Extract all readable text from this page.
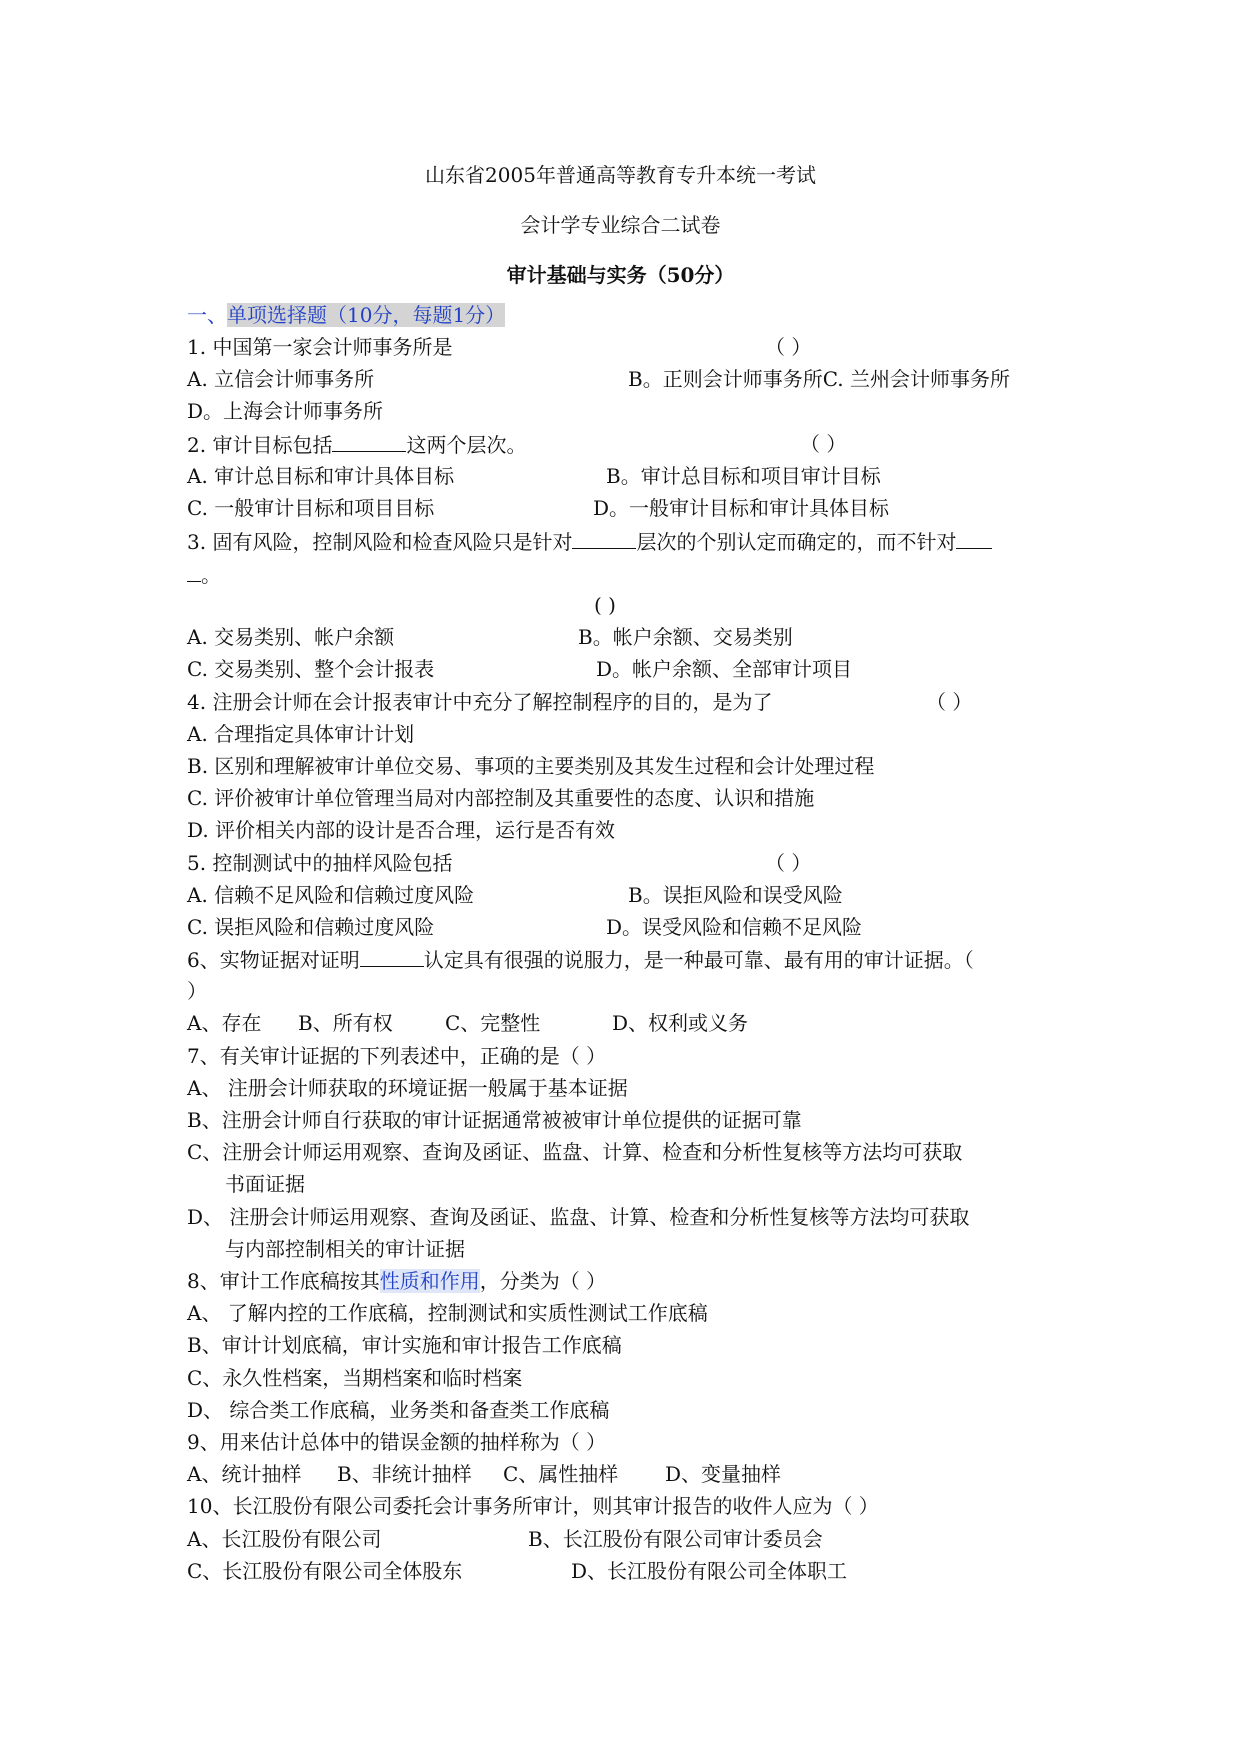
山东省2005年普通高等教育专升本统一考试
会计学专业综合二试卷
审计基础与实务（50分）
一、单项选择题（10分，每题1分）
1. 中国第一家会计师事务所是	（ ）
A. 立信会计师事务所	B。正则会计师事务所C. 兰州会计师事务所
D。上海会计师事务所
2. 审计目标包括	这两个层次。	（ ）
A. 审计总目标和审计具体目标	B。审计总目标和项目审计目标
C. 一般审计目标和项目目标	D。一般审计目标和审计具体目标
3. 固有风险，控制风险和检查风险只是针对	层次的个别认定而确定的，而不针对
。
( )
A. 交易类别、帐户余额	B。帐户余额、交易类别
C. 交易类别、整个会计报表	D。帐户余额、全部审计项目
4. 注册会计师在会计报表审计中充分了解控制程序的目的，是为了	（ ）
A. 合理指定具体审计计划
B. 区别和理解被审计单位交易、事项的主要类别及其发生过程和会计处理过程
C. 评价被审计单位管理当局对内部控制及其重要性的态度、认识和措施
D. 评价相关内部的设计是否合理，运行是否有效
5. 控制测试中的抽样风险包括	（ ）
A. 信赖不足风险和信赖过度风险	B。误拒风险和误受风险
C. 误拒风险和信赖过度风险	D。误受风险和信赖不足风险
6、实物证据对证明	认定具有很强的说服力，是一种最可靠、最有用的审计证据。（
）
A、存在 B、所有权	C、完整性	D、权利或义务
7、有关审计证据的下列表述中，正确的是（ ）
A、 注册会计师获取的环境证据一般属于基本证据
B、注册会计师自行获取的审计证据通常被被审计单位提供的证据可靠
C、注册会计师运用观察、查询及函证、监盘、计算、检查和分析性复核等方法均可获取
书面证据
D、 注册会计师运用观察、查询及函证、监盘、计算、检查和分析性复核等方法均可获取
与内部控制相关的审计证据
8、审计工作底稿按其性质和作用，分类为（ ）
A、 了解内控的工作底稿，控制测试和实质性测试工作底稿
B、审计计划底稿，审计实施和审计报告工作底稿
C、永久性档案，当期档案和临时档案
D、 综合类工作底稿，业务类和备查类工作底稿
9、用来估计总体中的错误金额的抽样称为（ ）
A、统计抽样 B、非统计抽样 C、属性抽样 D、变量抽样
10、长江股份有限公司委托会计事务所审计，则其审计报告的收件人应为（ ）
A、长江股份有限公司	B、长江股份有限公司审计委员会
C、长江股份有限公司全体股东	D、长江股份有限公司全体职工
